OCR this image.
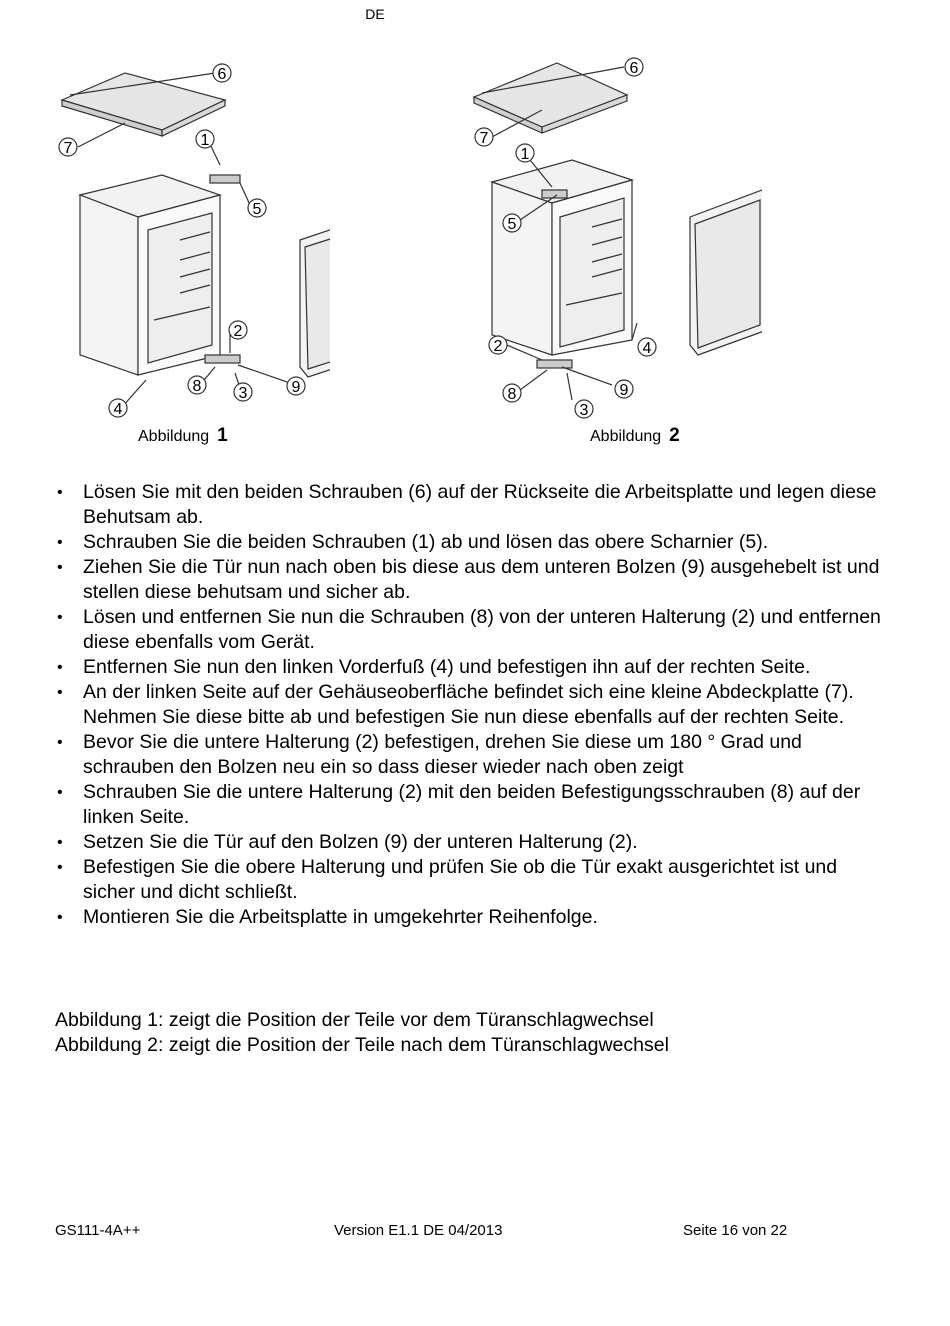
DE
6
7	1
5
2
8 3	9
4
Abbildung 1
6
7
1
5
4
2
8	9
3
Abbildung 2
• Lösen Sie mit den beiden Schrauben (6) auf der Rückseite die Arbeitsplatte und legen diese Behutsam ab.
• Schrauben Sie die beiden Schrauben (1) ab und lösen das obere Scharnier (5).
• Ziehen Sie die Tür nun nach oben bis diese aus dem unteren Bolzen (9) ausgehebelt ist und stellen diese behutsam und sicher ab.
• Lösen und entfernen Sie nun die Schrauben (8) von der unteren Halterung (2) und entfernen diese ebenfalls vom Gerät.
• Entfernen Sie nun den linken Vorderfuß (4) und befestigen ihn auf der rechten Seite.
• An der linken Seite auf der Gehäuseoberfläche befindet sich eine kleine Abdeckplatte (7). Nehmen Sie diese bitte ab und befestigen Sie nun diese ebenfalls auf der rechten Seite.
• Bevor Sie die untere Halterung (2) befestigen, drehen Sie diese um 180 ° Grad und schrauben den Bolzen neu ein so dass dieser wieder nach oben zeigt
• Schrauben Sie die untere Halterung (2) mit den beiden Befestigungsschrauben (8) auf der linken Seite.
• Setzen Sie die Tür auf den Bolzen (9) der unteren Halterung (2).
• Befestigen Sie die obere Halterung und prüfen Sie ob die Tür exakt ausgerichtet ist und sicher und dicht schließt.
• Montieren Sie die Arbeitsplatte in umgekehrter Reihenfolge.
Abbildung 1: zeigt die Position der Teile vor dem Türanschlagwechsel
Abbildung 2: zeigt die Position der Teile nach dem Türanschlagwechsel
GS111-4A++	Version E1.1 DE 04/2013	Seite 16 von 22
